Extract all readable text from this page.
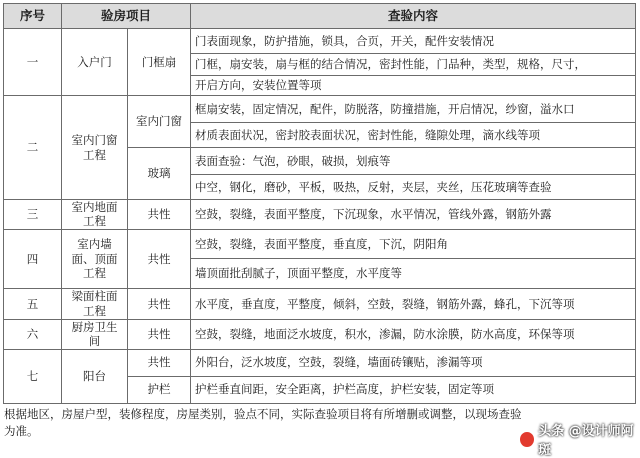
序号	验房项目		查验内容
一	入户门	门框扇	门表面现象，防护措施，锁具，合页，开关，配件安装情况
			门框，扇安装，扇与框的结合情况，密封性能，门品种，类型，规格，尺寸，
			开启方向，安装位置等项
二	室内门窗工程	室内门窗	框扇安装，固定情况，配件，防脱落，防撞措施，开启情况，纱窗，溢水口
			材质表面状况，密封胶表面状况，密封性能，缝隙处理，滴水线等项
		玻璃	表面查验：气泡，砂眼，破损，划痕等
			中空，钢化，磨砂，平板，吸热，反射，夹层，夹丝，压花玻璃等查验
三	室内地面工程	共性	空鼓，裂缝，表面平整度，下沉现象，水平情况，管线外露，钢筋外露
四	室内墙面、顶面工程	共性	空鼓，裂缝，表面平整度，垂直度，下沉，阴阳角
			墙顶面批刮腻子，顶面平整度，水平度等
五	梁面柱面工程	共性	水平度，垂直度，平整度，倾斜，空鼓，裂缝，钢筋外露，蜂孔，下沉等项
六	厨房卫生间	共性	空鼓，裂缝，地面泛水坡度，积水，渗漏，防水涂膜，防水高度，环保等项
七	阳台	共性	外阳台，泛水坡度，空鼓，裂缝，墙面砖镶贴，渗漏等项
		护栏	护栏垂直间距，安全距离，护栏高度，护栏安装，固定等项
根据地区，房屋户型，装修程度，房屋类别，验点不同，实际查验项目将有所增删或调整，以现场查验为准。	头条 @设计师阿斑
